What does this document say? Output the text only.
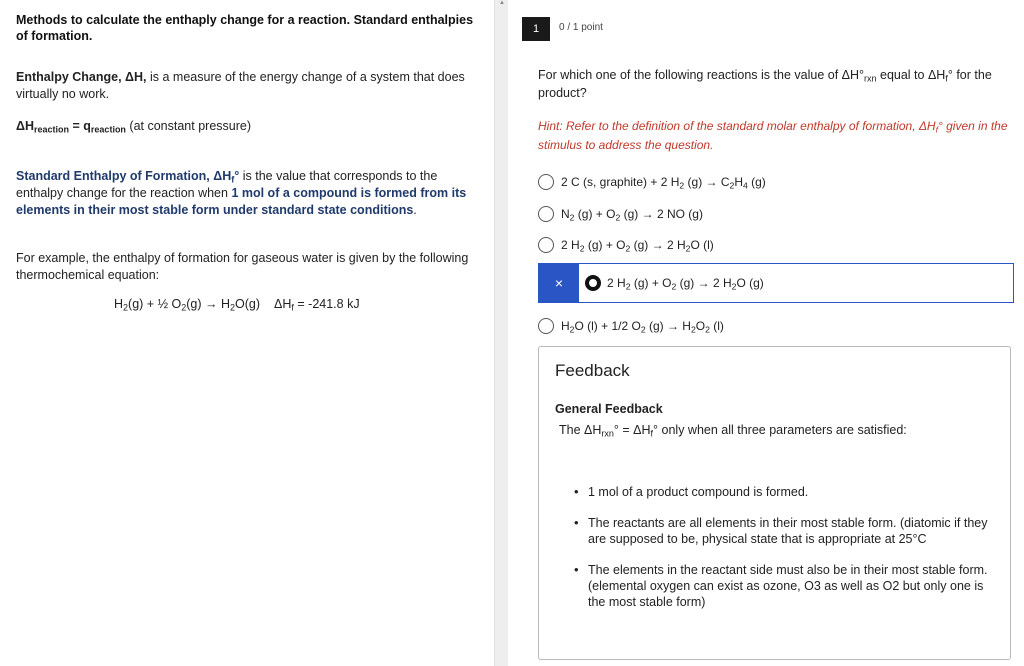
Methods to calculate the enthaply change for a reaction. Standard enthalpies of formation.
Enthalpy Change, ΔH, is a measure of the energy change of a system that does virtually no work.
$\Delta H_{reaction} = q_{reaction}$ (at constant pressure)
Standard Enthalpy of Formation, $\Delta H_f^\circ$ is the value that corresponds to the enthalpy change for the reaction when 1 mol of a compound is formed from its elements in their most stable form under standard state conditions.
For example, the enthalpy of formation for gaseous water is given by the following thermochemical equation:
$H_2(g)$ + ½ $O_2(g) \to H_2O(g) \Delta H_f = -241.8$ kJ
▲
1	0 / 1 point
For which one of the following reactions is the value of $\Delta H^\circ_{rxn}$ equal to $\Delta H_f^\circ$ for the product?
Hint: Refer to the definition of the standard molar enthalpy of formation, $\Delta H_f^\circ$ given in the stimulus to address the question.
2 C (s, graphite) + 2 $H_2$ $(g) \to C_2H_4$ (g)
$N_2$ $(g) + O_2$ (g) → 2 NO (g)
2 $H_2$ $(g) + O_2$ (g) → 2 $H_2O$ (l)
×	2 $H_2$ $(g) + O_2$ (g) → 2 $H_2O$ (g)
$H_2O$ (l) + 1/2 $O_2$ $(g) \to H_2O_2$ (l)
Feedback
General Feedback
The $\Delta H_{rxn}^\circ = \Delta H_f^\circ$ only when all three parameters are satisfied:
• 1 mol of a product compound is formed.
• The reactants are all elements in their most stable form. (diatomic if they are supposed to be, physical state that is appropriate at 25°C
• The elements in the reactant side must also be in their most stable form. (elemental oxygen can exist as ozone, O3 as well as O2 but only one is the most stable form)
